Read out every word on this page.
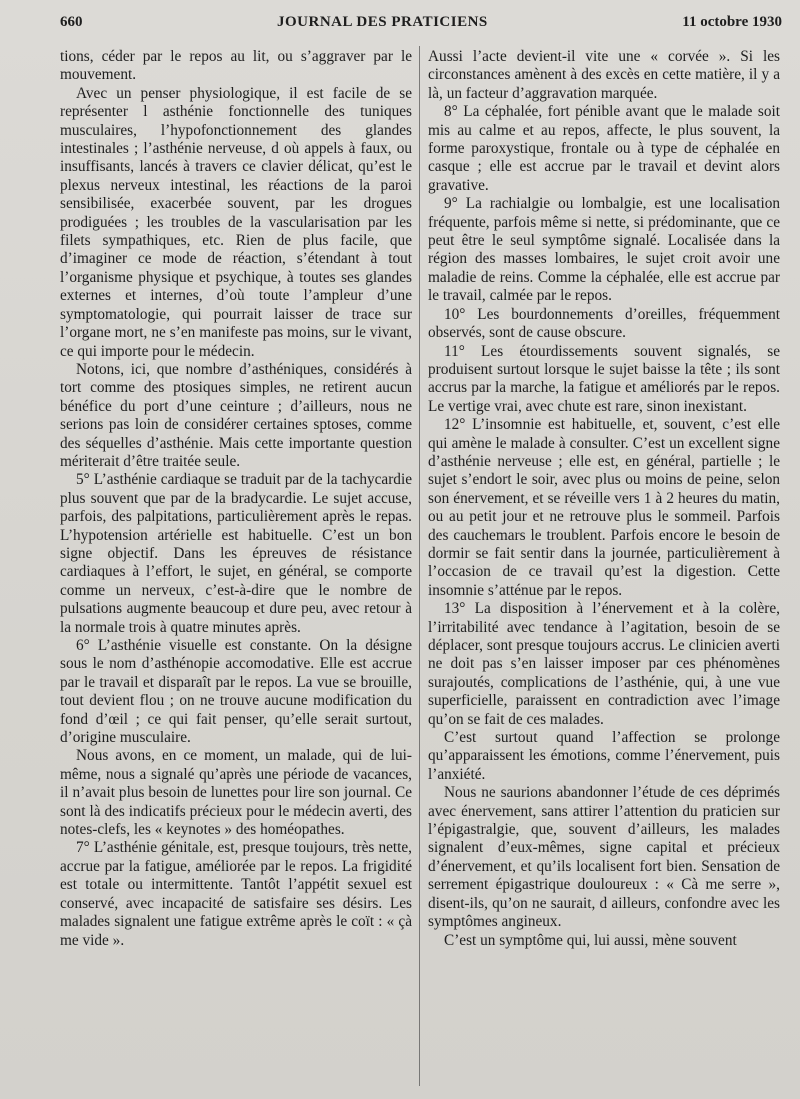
660	JOURNAL DES PRATICIENS	11 octobre 1930

tions, céder par le repos au lit, ou s’aggraver par le mouvement.

Avec un penser physiologique, il est facile de se représenter l asthénie fonctionnelle des tuniques musculaires, l’hypofonctionnement des glandes intestinales ; l’asthénie nerveuse, d où appels à faux, ou insuffisants, lancés à travers ce clavier délicat, qu’est le plexus nerveux intestinal, les réactions de la paroi sensibilisée, exacerbée souvent, par les drogues prodiguées ; les troubles de la vascularisation par les filets sympathiques, etc. Rien de plus facile, que d’imaginer ce mode de réaction, s’étendant à tout l’organisme physique et psychique, à toutes ses glandes externes et internes, d’où toute l’ampleur d’une symptomatologie, qui pourrait laisser de trace sur l’organe mort, ne s’en manifeste pas moins, sur le vivant, ce qui importe pour le médecin.

Notons, ici, que nombre d’asthéniques, considérés à tort comme des ptosiques simples, ne retirent aucun bénéfice du port d’une ceinture ; d’ailleurs, nous ne serions pas loin de considérer certaines sptoses, comme des séquelles d’asthénie. Mais cette importante question mériterait d’être traitée seule.

5° L’asthénie cardiaque se traduit par de la tachycardie plus souvent que par de la bradycardie. Le sujet accuse, parfois, des palpitations, particulièrement après le repas. L’hypotension artérielle est habituelle. C’est un bon signe objectif. Dans les épreuves de résistance cardiaques à l’effort, le sujet, en général, se comporte comme un nerveux, c’est-à-dire que le nombre de pulsations augmente beaucoup et dure peu, avec retour à la normale trois à quatre minutes après.

6° L’asthénie visuelle est constante. On la désigne sous le nom d’asthénopie accomodative. Elle est accrue par le travail et disparaît par le repos. La vue se brouille, tout devient flou ; on ne trouve aucune modification du fond d’œil ; ce qui fait penser, qu’elle serait surtout, d’origine musculaire.

Nous avons, en ce moment, un malade, qui de lui-même, nous a signalé qu’après une période de vacances, il n’avait plus besoin de lunettes pour lire son journal. Ce sont là des indicatifs précieux pour le médecin averti, des notes-clefs, les « keynotes » des homéopathes.

7° L’asthénie génitale, est, presque toujours, très nette, accrue par la fatigue, améliorée par le repos. La frigidité est totale ou intermittente. Tantôt l’appétit sexuel est conservé, avec incapacité de satisfaire ses désirs. Les malades signalent une fatigue extrême après le coït : « çà me vide ».

Aussi l’acte devient-il vite une « corvée ». Si les circonstances amènent à des excès en cette matière, il y a là, un facteur d’aggravation marquée.

8° La céphalée, fort pénible avant que le malade soit mis au calme et au repos, affecte, le plus souvent, la forme paroxystique, frontale ou à type de céphalée en casque ; elle est accrue par le travail et devint alors gravative.

9° La rachialgie ou lombalgie, est une localisation fréquente, parfois même si nette, si prédominante, que ce peut être le seul symptôme signalé. Localisée dans la région des masses lombaires, le sujet croit avoir une maladie de reins. Comme la céphalée, elle est accrue par le travail, calmée par le repos.

10° Les bourdonnements d’oreilles, fréquemment observés, sont de cause obscure.

11° Les étourdissements souvent signalés, se produisent surtout lorsque le sujet baisse la tête ; ils sont accrus par la marche, la fatigue et améliorés par le repos. Le vertige vrai, avec chute est rare, sinon inexistant.

12° L’insomnie est habituelle, et, souvent, c’est elle qui amène le malade à consulter. C’est un excellent signe d’asthénie nerveuse ; elle est, en général, partielle ; le sujet s’endort le soir, avec plus ou moins de peine, selon son énervement, et se réveille vers 1 à 2 heures du matin, ou au petit jour et ne retrouve plus le sommeil. Parfois des cauchemars le troublent. Parfois encore le besoin de dormir se fait sentir dans la journée, particulièrement à l’occasion de ce travail qu’est la digestion. Cette insomnie s’atténue par le repos.

13° La disposition à l’énervement et à la colère, l’irritabilité avec tendance à l’agitation, besoin de se déplacer, sont presque toujours accrus. Le clinicien averti ne doit pas s’en laisser imposer par ces phénomènes surajoutés, complications de l’asthénie, qui, à une vue superficielle, paraissent en contradiction avec l’image qu’on se fait de ces malades.

C’est surtout quand l’affection se prolonge qu’apparaissent les émotions, comme l’énervement, puis l’anxiété.

Nous ne saurions abandonner l’étude de ces déprimés avec énervement, sans attirer l’attention du praticien sur l’épigastralgie, que, souvent d’ailleurs, les malades signalent d’eux-mêmes, signe capital et précieux d’énervement, et qu’ils localisent fort bien. Sensation de serrement épigastrique douloureux : « Cà me serre », disent-ils, qu’on ne saurait, d ailleurs, confondre avec les symptômes angineux.

C’est un symptôme qui, lui aussi, mène souvent
